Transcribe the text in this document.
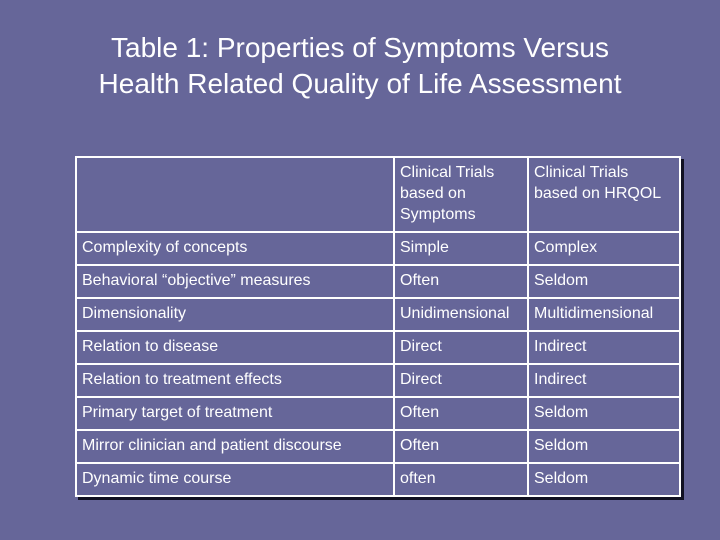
Table 1: Properties of Symptoms Versus
Health Related Quality of Life Assessment
	Clinical Trials based on Symptoms	Clinical Trials based on HRQOL
Complexity of concepts	Simple	Complex
Behavioral “objective” measures	Often	Seldom
Dimensionality	Unidimensional	Multidimensional
Relation to disease	Direct	Indirect
Relation to treatment effects	Direct	Indirect
Primary target of treatment	Often	Seldom
Mirror clinician and patient discourse	Often	Seldom
Dynamic time course	often	Seldom
